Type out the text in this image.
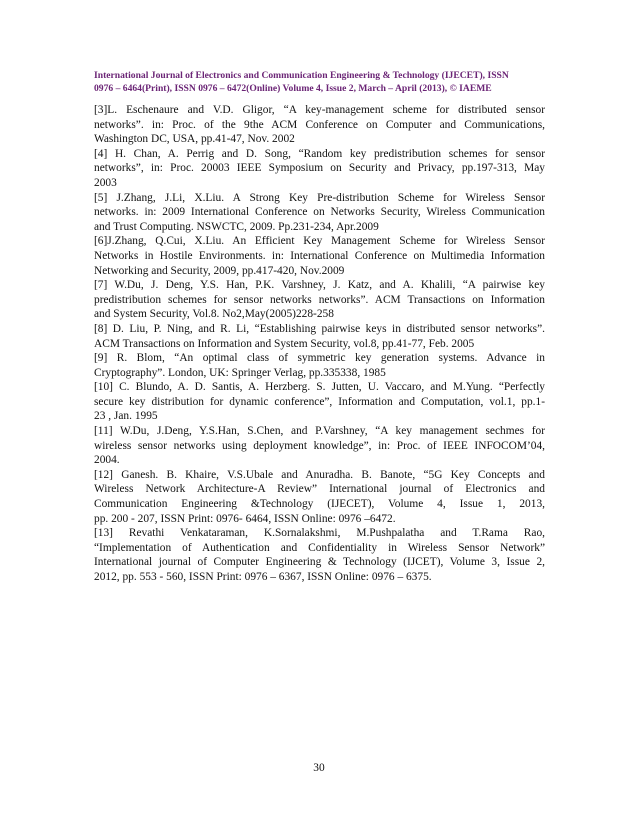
International Journal of Electronics and Communication Engineering & Technology (IJECET), ISSN
0976 – 6464(Print), ISSN 0976 – 6472(Online) Volume 4, Issue 2, March – April (2013), © IAEME
[3]L. Eschenaure and V.D. Gligor, “A key-management scheme for distributed sensor
networks”. in: Proc. of the 9the ACM Conference on Computer and Communications,
Washington DC, USA, pp.41-47, Nov. 2002
[4] H. Chan, A. Perrig and D. Song, “Random key predistribution schemes for sensor
networks”, in: Proc. 20003 IEEE Symposium on Security and Privacy, pp.197-313, May
2003
[5] J.Zhang, J.Li, X.Liu. A Strong Key Pre-distribution Scheme for Wireless Sensor
networks. in: 2009 International Conference on Networks Security, Wireless Communication
and Trust Computing. NSWCTC, 2009. Pp.231-234, Apr.2009
[6]J.Zhang, Q.Cui, X.Liu. An Efficient Key Management Scheme for Wireless Sensor
Networks in Hostile Environments. in: International Conference on Multimedia Information
Networking and Security, 2009, pp.417-420, Nov.2009
[7] W.Du, J. Deng, Y.S. Han, P.K. Varshney, J. Katz, and A. Khalili, “A pairwise key
predistribution schemes for sensor networks networks”. ACM Transactions on Information
and System Security, Vol.8. No2,May(2005)228-258
[8] D. Liu, P. Ning, and R. Li, “Establishing pairwise keys in distributed sensor networks”.
ACM Transactions on Information and System Security, vol.8, pp.41-77, Feb. 2005
[9] R. Blom, “An optimal class of symmetric key generation systems. Advance in
Cryptography”. London, UK: Springer Verlag, pp.335338, 1985
[10] C. Blundo, A. D. Santis, A. Herzberg. S. Jutten, U. Vaccaro, and M.Yung. “Perfectly
secure key distribution for dynamic conference”, Information and Computation, vol.1, pp.1-
23 , Jan. 1995
[11] W.Du, J.Deng, Y.S.Han, S.Chen, and P.Varshney, “A key management sechmes for
wireless sensor networks using deployment knowledge”, in: Proc. of IEEE INFOCOM’04,
2004.
[12] Ganesh. B. Khaire, V.S.Ubale and Anuradha. B. Banote, “5G Key Concepts and
Wireless Network Architecture-A Review” International journal of Electronics and
Communication Engineering &Technology (IJECET), Volume 4, Issue 1, 2013,
pp. 200 - 207, ISSN Print: 0976- 6464, ISSN Online: 0976 –6472.
[13] Revathi Venkataraman, K.Sornalakshmi, M.Pushpalatha and T.Rama Rao,
“Implementation of Authentication and Confidentiality in Wireless Sensor Network”
International journal of Computer Engineering & Technology (IJCET), Volume 3, Issue 2,
2012, pp. 553 - 560, ISSN Print: 0976 – 6367, ISSN Online: 0976 – 6375.
30
